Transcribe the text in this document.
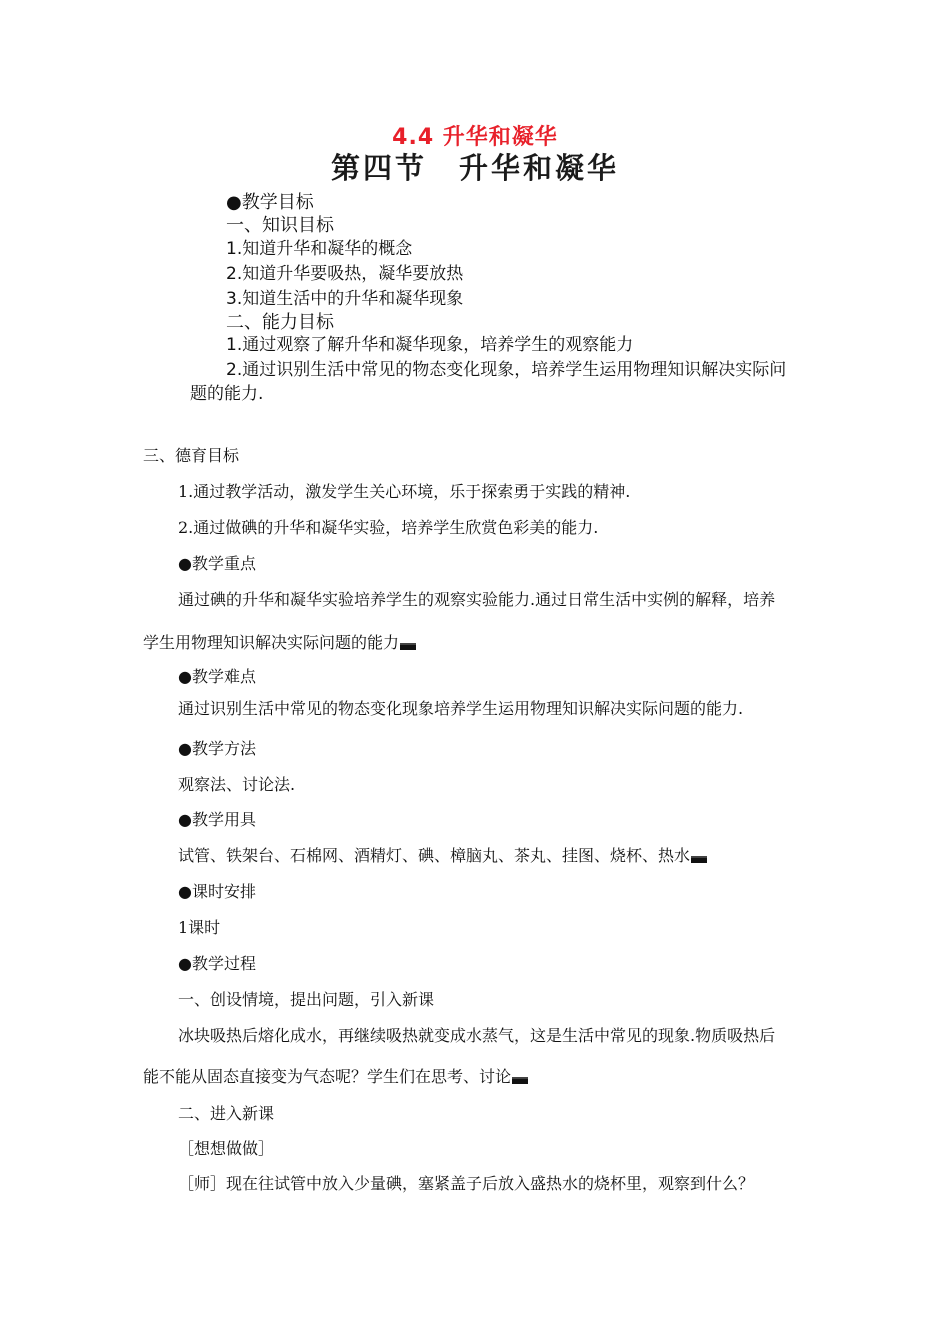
4.4 升华和凝华
第四节 升华和凝华
●教学目标
一、知识目标
1.知道升华和凝华的概念
2.知道升华要吸热，凝华要放热
3.知道生活中的升华和凝华现象
二、能力目标
1.通过观察了解升华和凝华现象，培养学生的观察能力
2.通过识别生活中常见的物态变化现象，培养学生运用物理知识解决实际问
题的能力.
三、德育目标
1.通过教学活动，激发学生关心环境，乐于探索勇于实践的精神.
2.通过做碘的升华和凝华实验，培养学生欣赏色彩美的能力.
●教学重点
通过碘的升华和凝华实验培养学生的观察实验能力.通过日常生活中实例的解释，培养
学生用物理知识解决实际问题的能力
●教学难点
通过识别生活中常见的物态变化现象培养学生运用物理知识解决实际问题的能力.
●教学方法
观察法、讨论法.
●教学用具
试管、铁架台、石棉网、酒精灯、碘、樟脑丸、茶丸、挂图、烧杯、热水
●课时安排
1课时
●教学过程
一、创设情境，提出问题，引入新课
冰块吸热后熔化成水，再继续吸热就变成水蒸气，这是生活中常见的现象.物质吸热后
能不能从固态直接变为气态呢？学生们在思考、讨论
二、进入新课
［想想做做］
［师］现在往试管中放入少量碘，塞紧盖子后放入盛热水的烧杯里，观察到什么？
